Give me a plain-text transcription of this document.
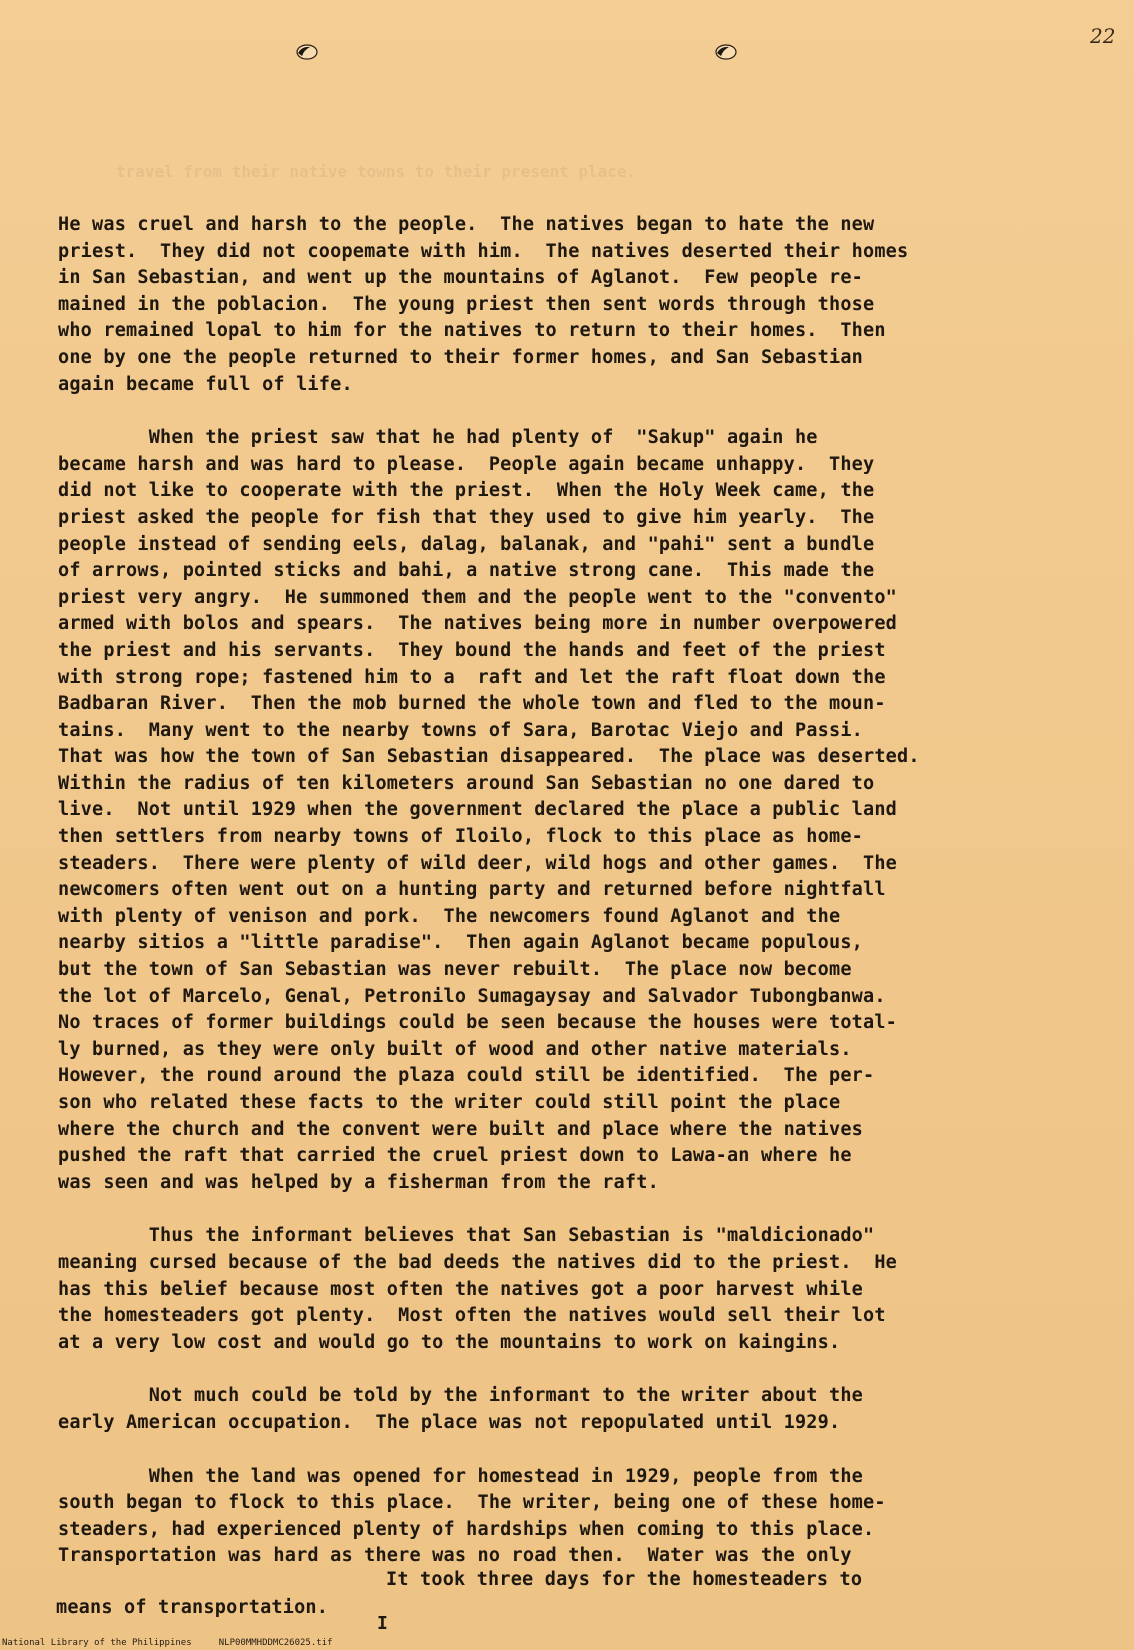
22
travel from their native towns to their present place.
He was cruel and harsh to the people.  The natives began to hate the new
priest.  They did not coopemate with him.  The natives deserted their homes
in San Sebastian, and went up the mountains of Aglanot.  Few people re-
mained in the poblacion.  The young priest then sent words through those
who remained lopal to him for the natives to return to their homes.  Then
one by one the people returned to their former homes, and San Sebastian
again became full of life.
When the priest saw that he had plenty of  "Sakup" again he
became harsh and was hard to please.  People again became unhappy.  They
did not like to cooperate with the priest.  When the Holy Week came, the
priest asked the people for fish that they used to give him yearly.  The
people instead of sending eels, dalag, balanak, and "pahi" sent a bundle
of arrows, pointed sticks and bahi, a native strong cane.  This made the
priest very angry.  He summoned them and the people went to the "convento"
armed with bolos and spears.  The natives being more in number overpowered
the priest and his servants.  They bound the hands and feet of the priest
with strong rope; fastened him to a  raft and let the raft float down the
Badbaran River.  Then the mob burned the whole town and fled to the moun-
tains.  Many went to the nearby towns of Sara, Barotac Viejo and Passi.
That was how the town of San Sebastian disappeared.  The place was deserted.
Within the radius of ten kilometers around San Sebastian no one dared to
live.  Not until 1929 when the government declared the place a public land
then settlers from nearby towns of Iloilo, flock to this place as home-
steaders.  There were plenty of wild deer, wild hogs and other games.  The
newcomers often went out on a hunting party and returned before nightfall
with plenty of venison and pork.  The newcomers found Aglanot and the
nearby sitios a "little paradise".  Then again Aglanot became populous,
but the town of San Sebastian was never rebuilt.  The place now become
the lot of Marcelo, Genal, Petronilo Sumagaysay and Salvador Tubongbanwa.
No traces of former buildings could be seen because the houses were total-
ly burned, as they were only built of wood and other native materials.
However, the round around the plaza could still be identified.  The per-
son who related these facts to the writer could still point the place
where the church and the convent were built and place where the natives
pushed the raft that carried the cruel priest down to Lawa-an where he
was seen and was helped by a fisherman from the raft.
Thus the informant believes that San Sebastian is "maldicionado"
meaning cursed because of the bad deeds the natives did to the priest.  He
has this belief because most often the natives got a poor harvest while
the homesteaders got plenty.  Most often the natives would sell their lot
at a very low cost and would go to the mountains to work on kaingins.
Not much could be told by the informant to the writer about the
early American occupation.  The place was not repopulated until 1929.
When the land was opened for homestead in 1929, people from the
south began to flock to this place.  The writer, being one of these home-
steaders, had experienced plenty of hardships when coming to this place.
Transportation was hard as there was no road then.  Water was the only
means of transportation.
It took three days for the homesteaders to
I
National Library of the Philippines     NLP00MMHDDMC26025.tif
